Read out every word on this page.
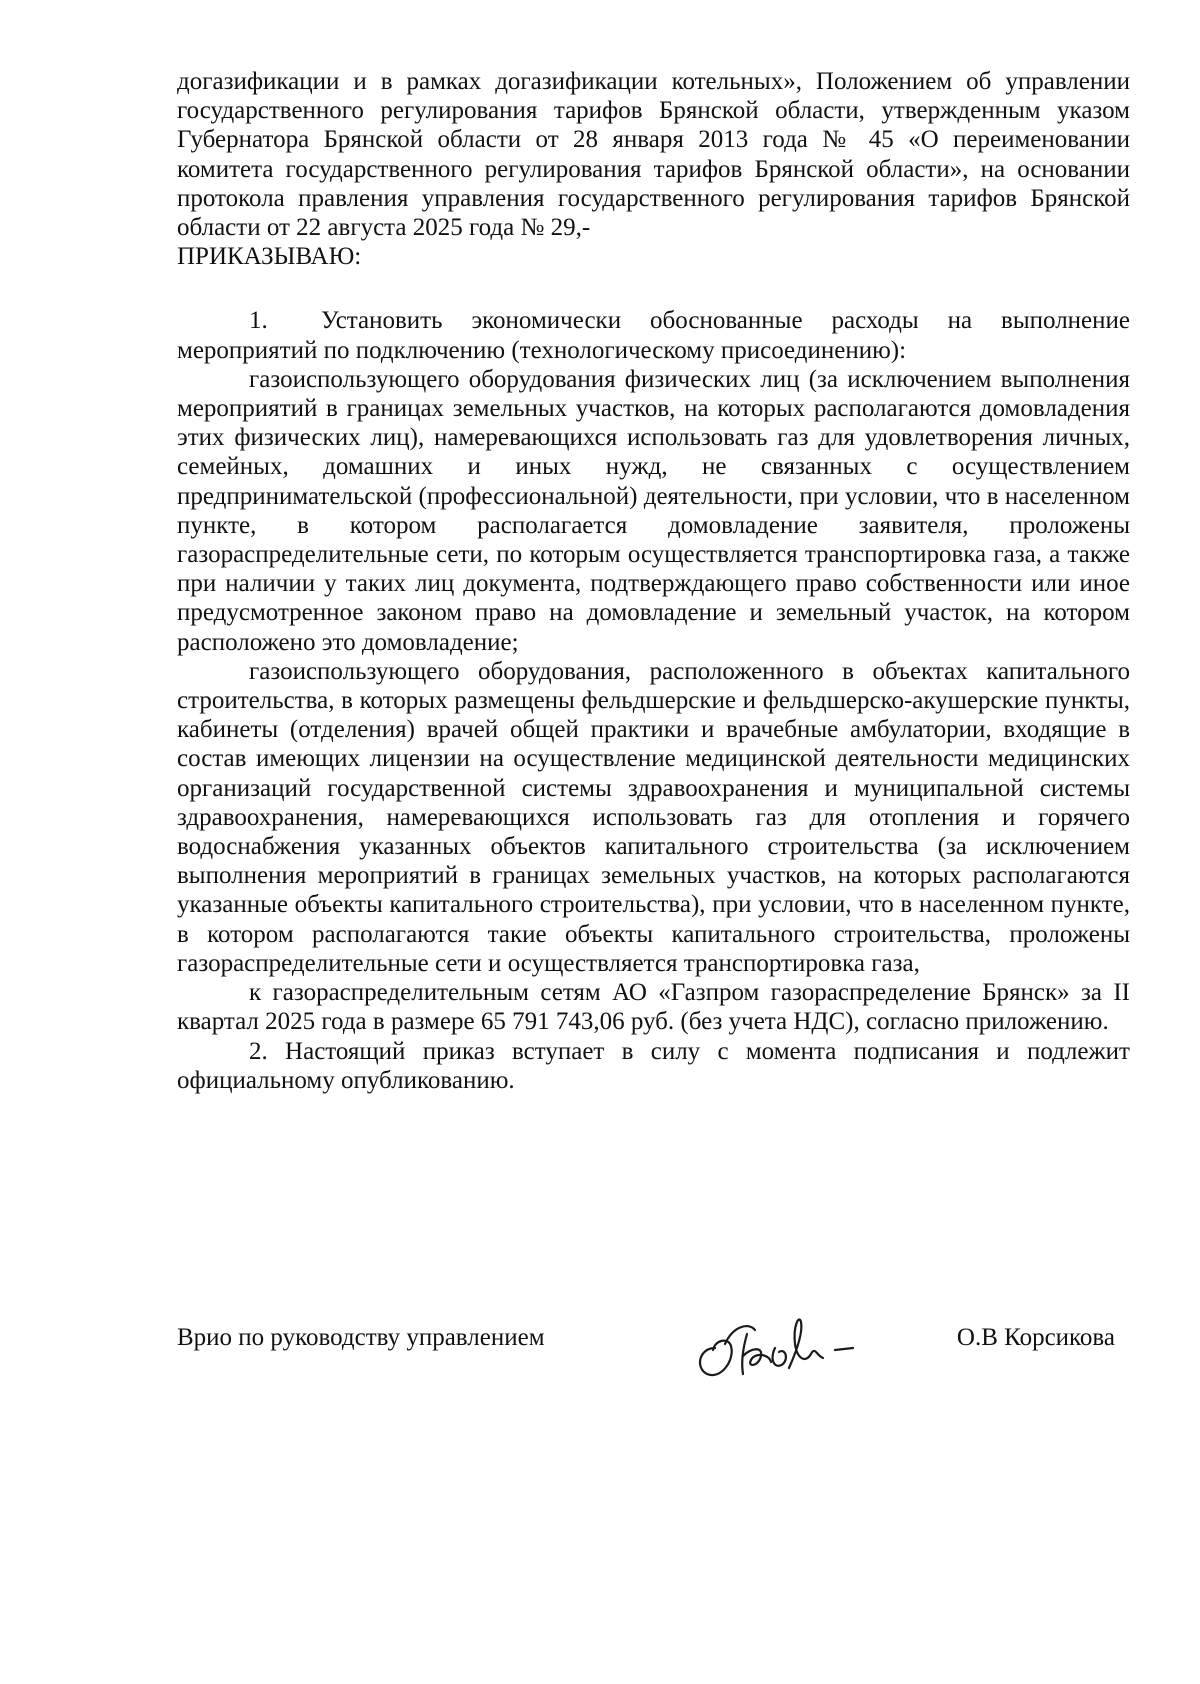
догазификации и в рамках догазификации котельных», Положением об управлении государственного регулирования тарифов Брянской области, утвержденным указом Губернатора Брянской области от 28 января 2013 года № 45 «О переименовании комитета государственного регулирования тарифов Брянской области», на основании протокола правления управления государственного регулирования тарифов Брянской области от 22 августа 2025 года № 29,-

ПРИКАЗЫВАЮ:

1. Установить экономически обоснованные расходы на выполнение мероприятий по подключению (технологическому присоединению):

газоиспользующего оборудования физических лиц (за исключением выполнения мероприятий в границах земельных участков, на которых располагаются домовладения этих физических лиц), намеревающихся использовать газ для удовлетворения личных, семейных, домашних и иных нужд, не связанных с осуществлением предпринимательской (профессиональной) деятельности, при условии, что в населенном пункте, в котором располагается домовладение заявителя, проложены газораспределительные сети, по которым осуществляется транспортировка газа, а также при наличии у таких лиц документа, подтверждающего право собственности или иное предусмотренное законом право на домовладение и земельный участок, на котором расположено это домовладение;

газоиспользующего оборудования, расположенного в объектах капитального строительства, в которых размещены фельдшерские и фельдшерско-акушерские пункты, кабинеты (отделения) врачей общей практики и врачебные амбулатории, входящие в состав имеющих лицензии на осуществление медицинской деятельности медицинских организаций государственной системы здравоохранения и муниципальной системы здравоохранения, намеревающихся использовать газ для отопления и горячего водоснабжения указанных объектов капитального строительства (за исключением выполнения мероприятий в границах земельных участков, на которых располагаются указанные объекты капитального строительства), при условии, что в населенном пункте, в котором располагаются такие объекты капитального строительства, проложены газораспределительные сети и осуществляется транспортировка газа,

к газораспределительным сетям АО «Газпром газораспределение Брянск» за II квартал 2025 года в размере 65 791 743,06 руб. (без учета НДС), согласно приложению.

2. Настоящий приказ вступает в силу с момента подписания и подлежит официальному опубликованию.

Врио по руководству управлением	О.В Корсикова
